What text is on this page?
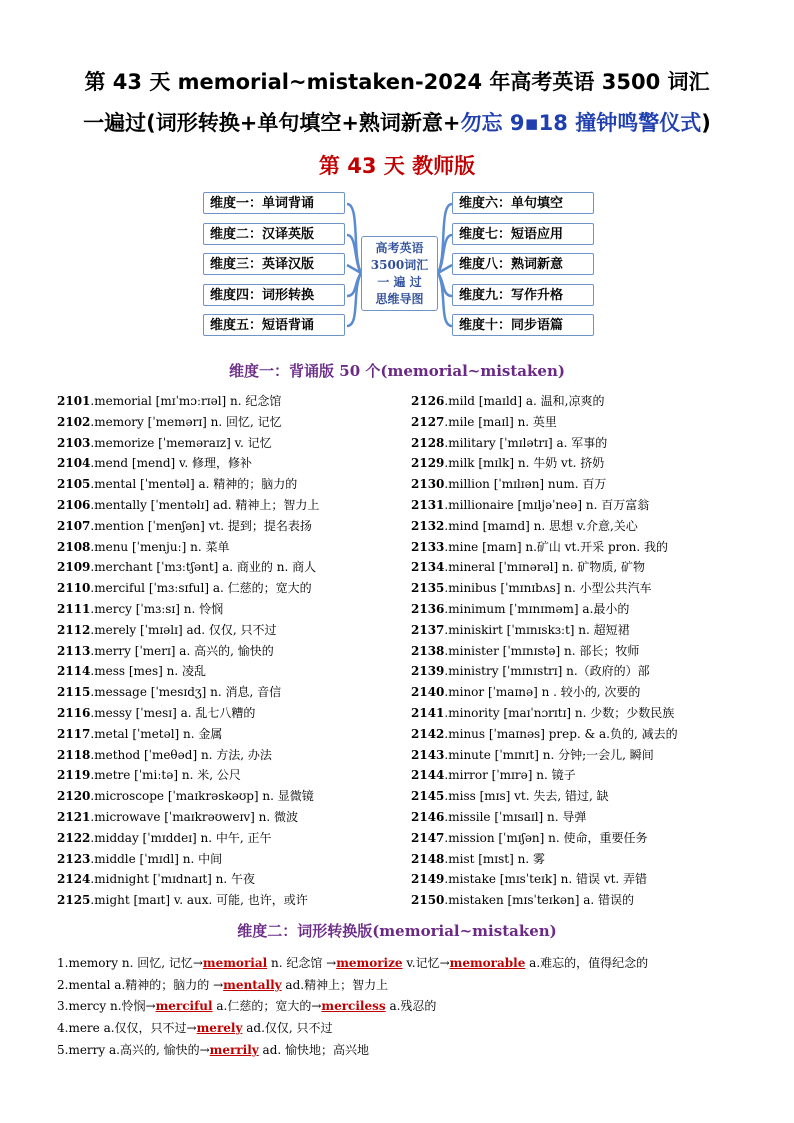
第 43 天 memorial~mistaken-2024 年高考英语 3500 词汇
一遍过(词形转换+单句填空+熟词新意+勿忘 9▪18 撞钟鸣警仪式)
第 43 天 教师版
维度一：单词背诵
维度二：汉译英版
维度三：英译汉版
维度四：词形转换
维度五：短语背诵
维度六：单句填空
维度七：短语应用
维度八：熟词新意
维度九：写作升格
维度十：同步语篇
高考英语
3500词汇
一 遍 过
思维导图
维度一：背诵版 50 个(memorial~mistaken)
2101.memorial [mɪˈmɔːrɪəl] n. 纪念馆
2102.memory [ˈmemərɪ] n. 回忆, 记忆
2103.memorize [ˈmeməraɪz] v. 记忆
2104.mend [mend] v. 修理，修补
2105.mental [ˈmentəl] a. 精神的；脑力的
2106.mentally [ˈmentəlɪ] ad. 精神上；智力上
2107.mention [ˈmenʃən] vt. 提到；提名表扬
2108.menu [ˈmenjuː] n. 菜单
2109.merchant [ˈmɜːtʃənt] a. 商业的 n. 商人
2110.merciful [ˈmɜːsɪful] a. 仁慈的；宽大的
2111.mercy [ˈmɜːsɪ] n. 怜悯
2112.merely [ˈmɪəlɪ] ad. 仅仅, 只不过
2113.merry [ˈmerɪ] a. 高兴的, 愉快的
2114.mess [mes] n. 凌乱
2115.message [ˈmesɪdʒ] n. 消息, 音信
2116.messy [ˈmesɪ] a. 乱七八糟的
2117.metal [ˈmetəl] n. 金属
2118.method [ˈmeθəd] n. 方法, 办法
2119.metre [ˈmiːtə] n. 米, 公尺
2120.microscope [ˈmaɪkrəskəʊp] n. 显微镜
2121.microwave [ˈmaɪkrəʊweɪv] n. 微波
2122.midday [ˈmɪddeɪ] n. 中午, 正午
2123.middle [ˈmɪdl] n. 中间
2124.midnight [ˈmɪdnaɪt] n. 午夜
2125.might [maɪt] v. aux. 可能, 也许，或许
2126.mild [maɪld] a. 温和,凉爽的
2127.mile [maɪl] n. 英里
2128.military [ˈmɪlətrɪ] a. 军事的
2129.milk [mɪlk] n. 牛奶 vt. 挤奶
2130.million [ˈmɪlɪən] num. 百万
2131.millionaire [mɪljəˈneə] n. 百万富翁
2132.mind [maɪnd] n. 思想 v.介意,关心
2133.mine [maɪn] n.矿山 vt.开采 pron. 我的
2134.mineral [ˈmɪnərəl] n. 矿物质, 矿物
2135.minibus [ˈmɪnɪbʌs] n. 小型公共汽车
2136.minimum [ˈmɪnɪməm] a.最小的
2137.miniskirt [ˈmɪnɪskɜːt] n. 超短裙
2138.minister [ˈmɪnɪstə] n. 部长；牧师
2139.ministry [ˈmɪnɪstrɪ] n.（政府的）部
2140.minor [ˈmaɪnə] n . 较小的, 次要的
2141.minority [maɪˈnɔrɪtɪ] n. 少数；少数民族
2142.minus [ˈmaɪnəs] prep. & a.负的, 减去的
2143.minute [ˈmɪnɪt] n. 分钟;一会儿, 瞬间
2144.mirror [ˈmɪrə] n. 镜子
2145.miss [mɪs] vt. 失去, 错过, 缺
2146.missile [ˈmɪsaɪl] n. 导弹
2147.mission [ˈmɪʃən] n. 使命，重要任务
2148.mist [mɪst] n. 雾
2149.mistake [mɪsˈteɪk] n. 错误 vt. 弄错
2150.mistaken [mɪsˈteɪkən] a. 错误的
维度二：词形转换版(memorial~mistaken)
1.memory n. 回忆, 记忆→memorial n. 纪念馆 →memorize v.记忆→memorable a.难忘的，值得纪念的
2.mental a.精神的；脑力的 →mentally ad.精神上；智力上
3.mercy n.怜悯→merciful a.仁慈的；宽大的→merciless a.残忍的
4.mere a.仅仅，只不过→merely ad.仅仅, 只不过
5.merry a.高兴的, 愉快的→merrily ad. 愉快地；高兴地
